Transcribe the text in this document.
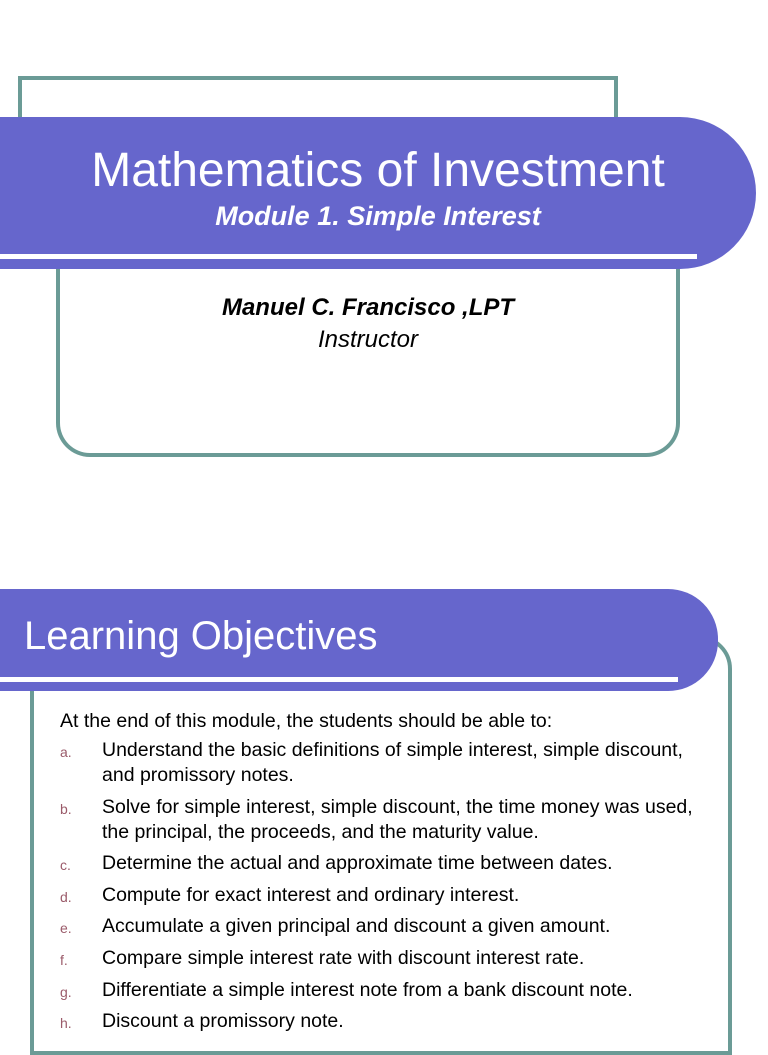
Mathematics of Investment
Module 1. Simple Interest
Manuel C. Francisco ,LPT
Instructor
Learning Objectives
At the end of this module, the students should be able to:
a. Understand the basic definitions of simple interest, simple discount, and promissory notes.
b. Solve for simple interest, simple discount, the time money was used, the principal, the proceeds, and the maturity value.
c. Determine the actual and approximate time between dates.
d. Compute for exact interest and ordinary interest.
e. Accumulate a given principal and discount a given amount.
f. Compare simple interest rate with discount interest rate.
g. Differentiate a simple interest note from a bank discount note.
h. Discount a promissory note.
